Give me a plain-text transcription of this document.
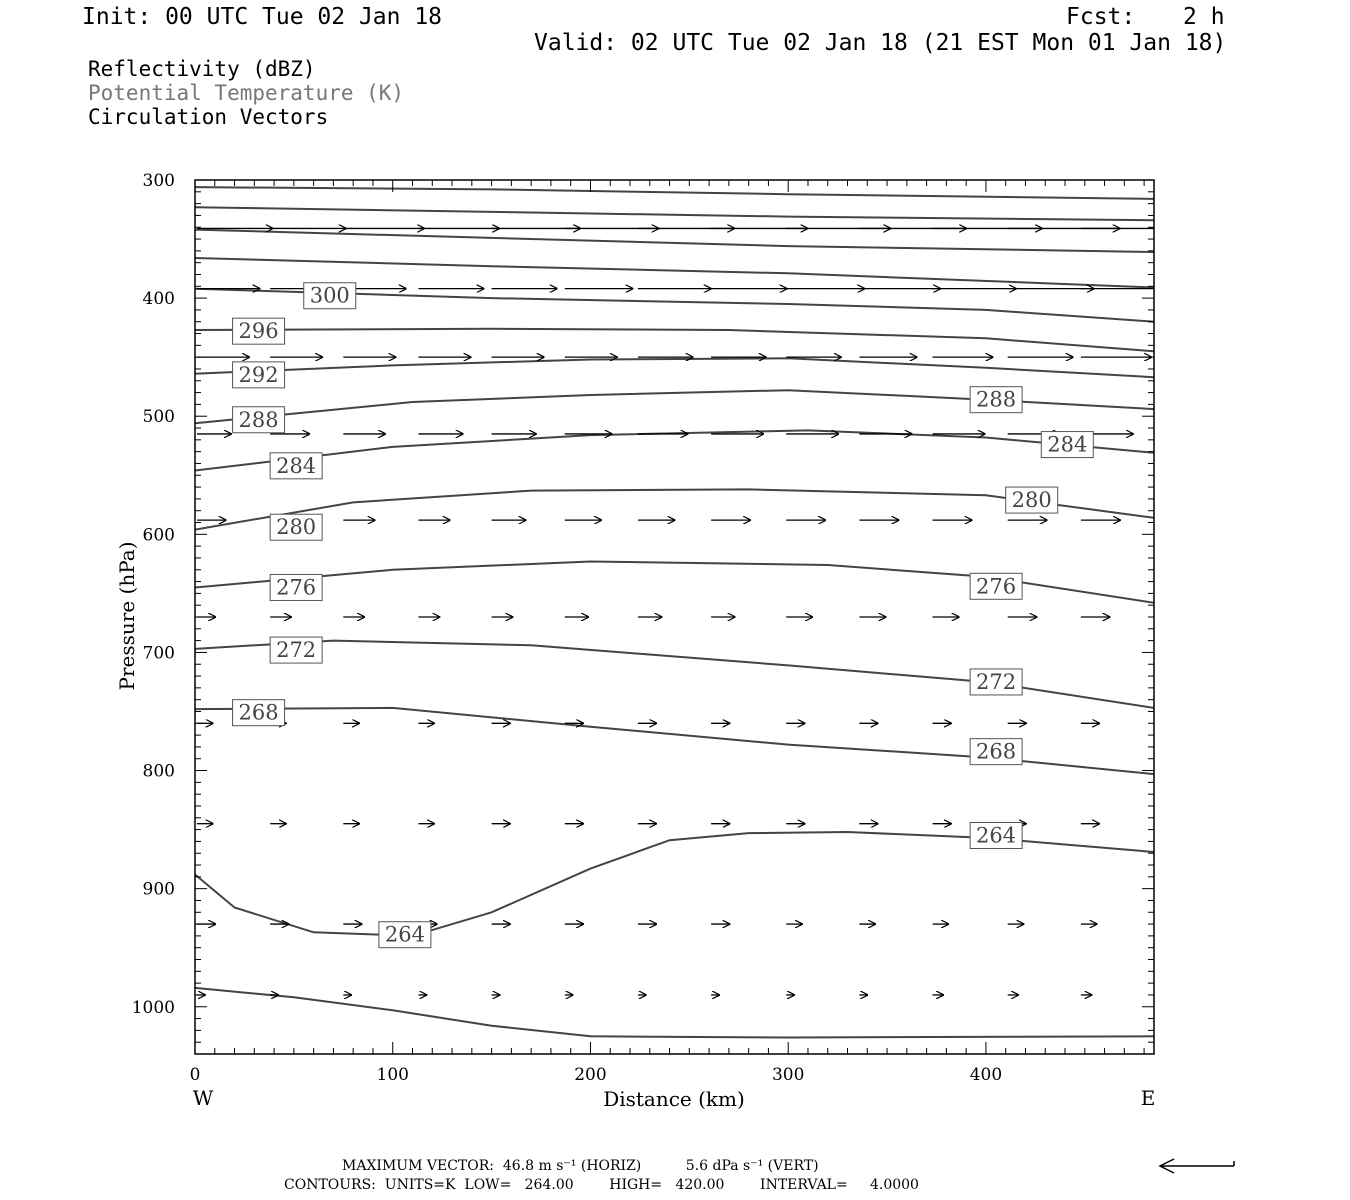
Init: 00 UTC Tue 02 Jan 18	Fcst: 2 h
Valid: 02 UTC Tue 02 Jan 18 (21 EST Mon 01 Jan 18)
Reflectivity (dBZ)
Potential Temperature (K)
Circulation Vectors
300
296
292
288
288
284
284
280
280
276	276
272
272
268
268
264
264
300
400
500
600
700
800
900
1000
0	100	200	300	400
Distance (km)
Pressure (hPa)
W	E
MAXIMUM VECTOR:  46.8 m s⁻¹ (HORIZ)          5.6 dPa s⁻¹ (VERT)
CONTOURS:  UNITS=K  LOW=   264.00        HIGH=   420.00        INTERVAL=     4.0000
